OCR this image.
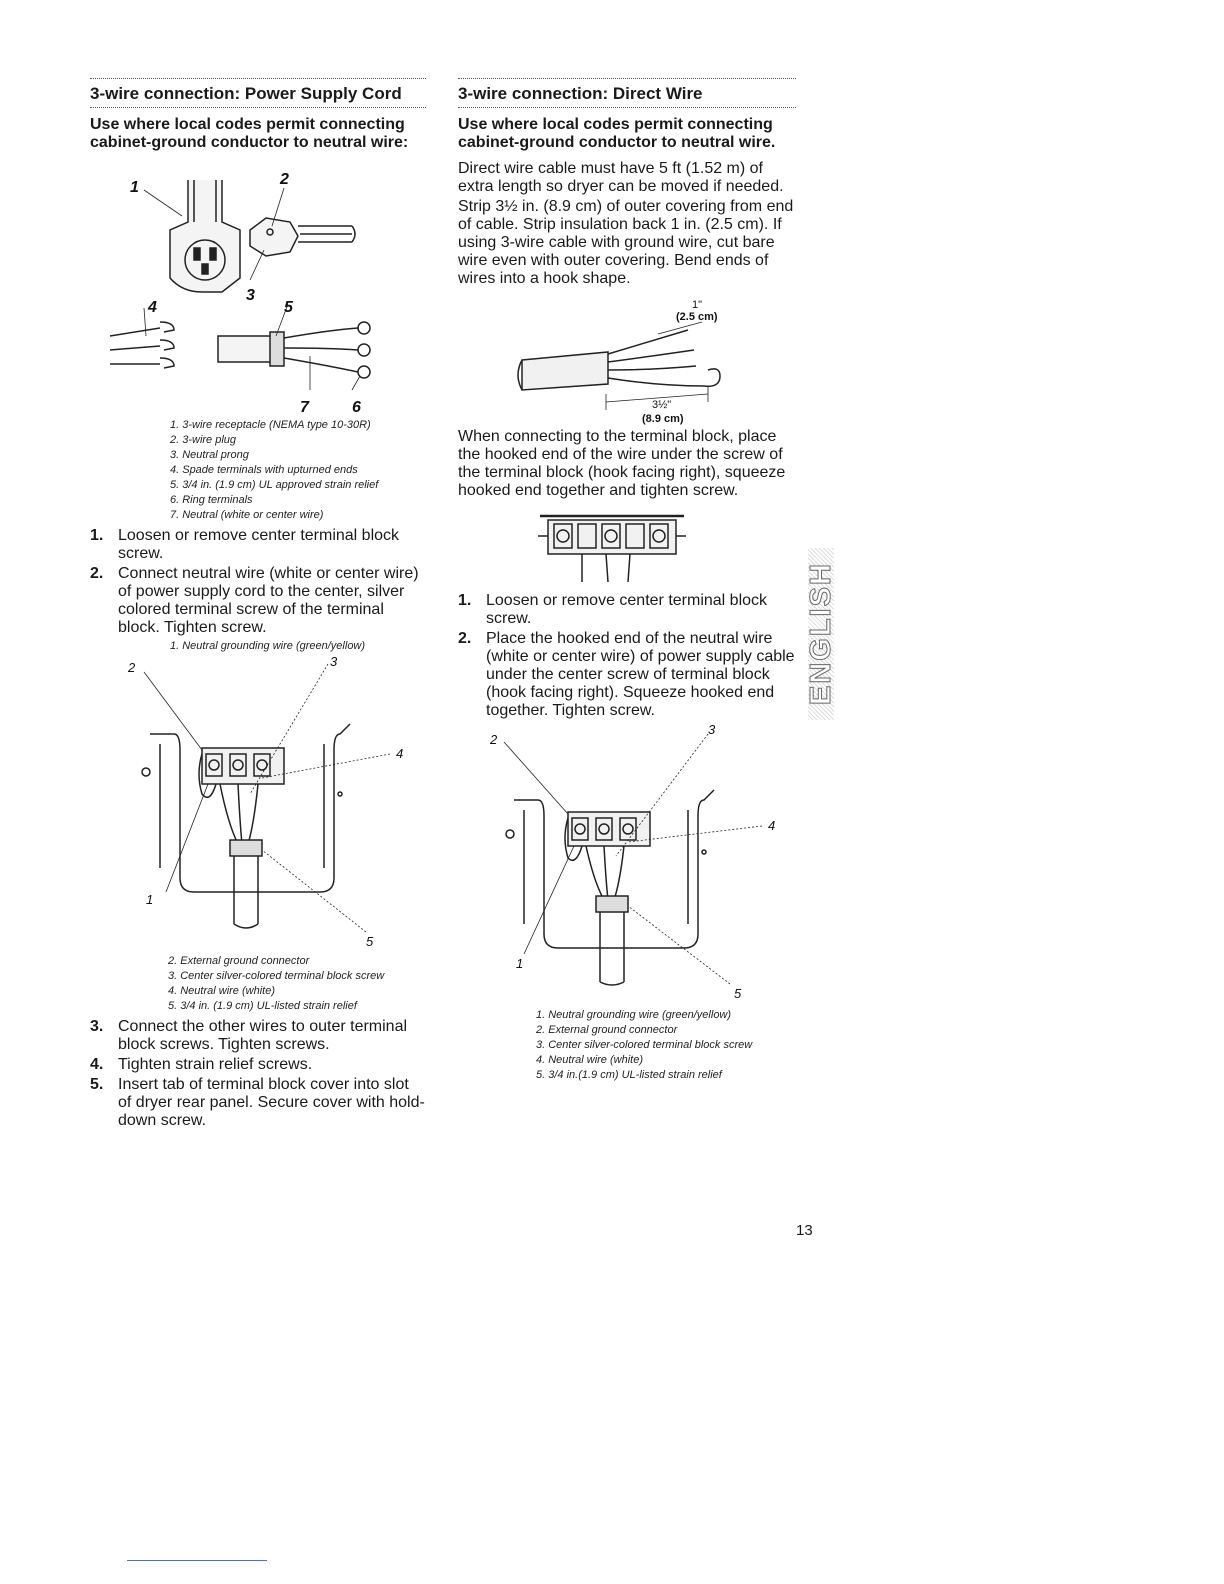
3-wire connection: Power Supply Cord

Use where local codes permit connecting cabinet-ground conductor to neutral wire:

1	2
3
4	5
6
7

1. 3-wire receptacle (NEMA type 10-30R)

2. 3-wire plug

3. Neutral prong

4. Spade terminals with upturned ends

5. 3/4 in. (1.9 cm) UL approved strain relief

6. Ring terminals

7. Neutral (white or center wire)

1. Loosen or remove center terminal block screw.
2. Connect neutral wire (white or center wire) of power supply cord to the center, silver colored terminal screw of the terminal block. Tighten screw.

1. Neutral grounding wire (green/yellow)

2	3
4
1
5

2. External ground connector

3. Center silver-colored terminal block screw

4. Neutral wire (white)

5. 3/4 in. (1.9 cm) UL-listed strain relief

3. Connect the other wires to outer terminal block screws. Tighten screws.
4. Tighten strain relief screws.
5. Insert tab of terminal block cover into slot of dryer rear panel. Secure cover with hold-down screw.
3-wire connection: Direct Wire

Use where local codes permit connecting cabinet-ground conductor to neutral wire.

Direct wire cable must have 5 ft (1.52 m) of extra length so dryer can be moved if needed.

Strip 3½ in. (8.9 cm) of outer covering from end of cable. Strip insulation back 1 in. (2.5 cm). If using 3-wire cable with ground wire, cut bare wire even with outer covering. Bend ends of wires into a hook shape.

1"
(2.5 cm)
3½"
(8.9 cm)

When connecting to the terminal block, place the hooked end of the wire under the screw of the terminal block (hook facing right), squeeze hooked end together and tighten screw.

1. Loosen or remove center terminal block screw.
2. Place the hooked end of the neutral wire (white or center wire) of power supply cable under the center screw of terminal block (hook facing right). Squeeze hooked end together. Tighten screw.
2
3
4
1
5

1. Neutral grounding wire (green/yellow)

2. External ground connector

3. Center silver-colored terminal block screw

4. Neutral wire (white)

5. 3/4 in.(1.9 cm) UL-listed strain relief

ENGLISH
13
